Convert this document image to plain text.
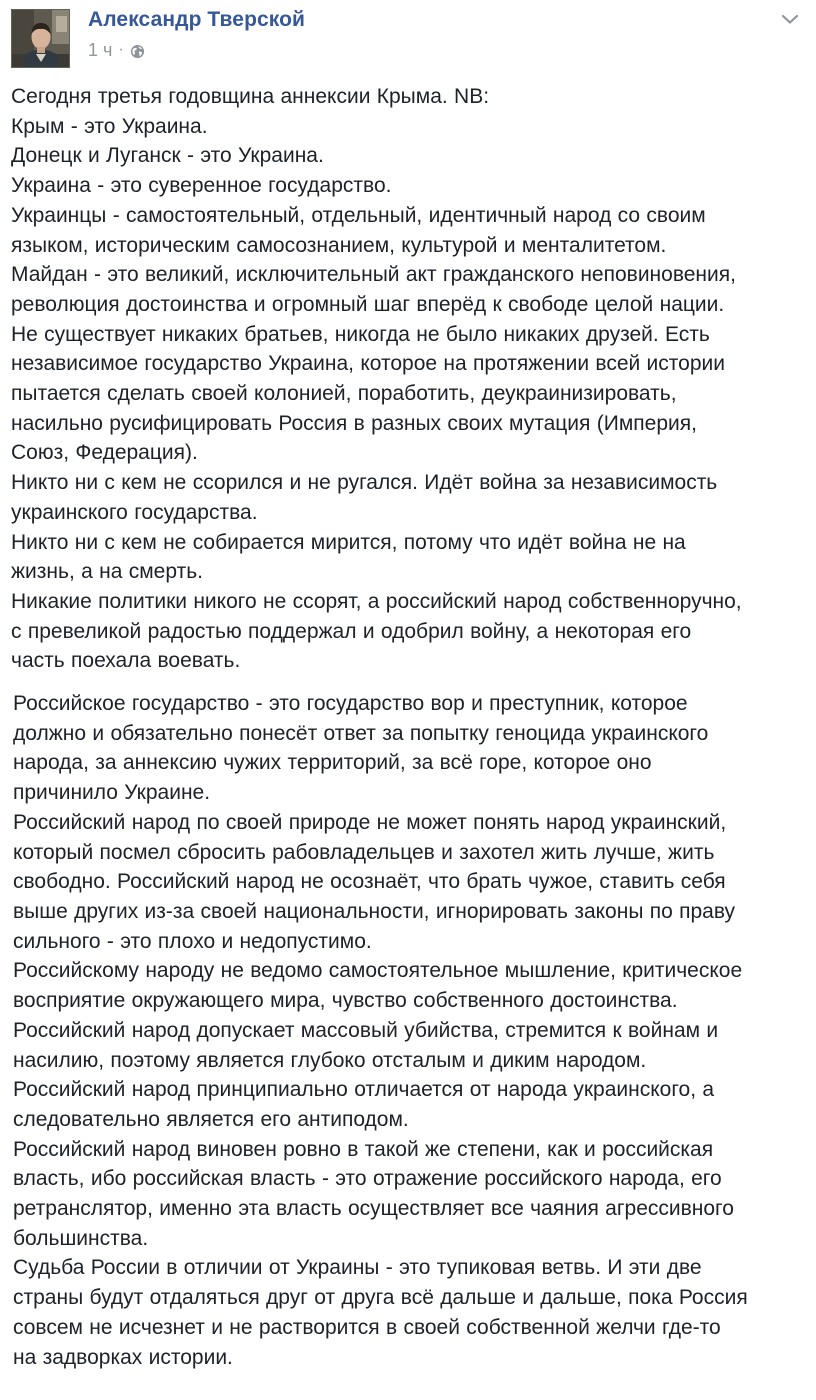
Александр Тверской
1 ч ·

Сегодня третья годовщина аннексии Крыма. NB:
Крым - это Украина.
Донецк и Луганск - это Украина.
Украина - это суверенное государство.
Украинцы - самостоятельный, отдельный, идентичный народ со своим
языком, историческим самосознанием, культурой и менталитетом.
Майдан - это великий, исключительный акт гражданского неповиновения,
революция достоинства и огромный шаг вперёд к свободе целой нации.
Не существует никаких братьев, никогда не было никаких друзей. Есть
независимое государство Украина, которое на протяжении всей истории
пытается сделать своей колонией, поработить, деукраинизировать,
насильно русифицировать Россия в разных своих мутация (Империя,
Союз, Федерация).
Никто ни с кем не ссорился и не ругался. Идёт война за независимость
украинского государства.
Никто ни с кем не собирается мирится, потому что идёт война не на
жизнь, а на смерть.
Никакие политики никого не ссорят, а российский народ собственноручно,
с превеликой радостью поддержал и одобрил войну, а некоторая его
часть поехала воевать.

Российское государство - это государство вор и преступник, которое
должно и обязательно понесёт ответ за попытку геноцида украинского
народа, за аннексию чужих территорий, за всё горе, которое оно
причинило Украине.
Российский народ по своей природе не может понять народ украинский,
который посмел сбросить рабовладельцев и захотел жить лучше, жить
свободно. Российский народ не осознаёт, что брать чужое, ставить себя
выше других из-за своей национальности, игнорировать законы по праву
сильного - это плохо и недопустимо.
Российскому народу не ведомо самостоятельное мышление, критическое
восприятие окружающего мира, чувство собственного достоинства.
Российский народ допускает массовый убийства, стремится к войнам и
насилию, поэтому является глубоко отсталым и диким народом.
Российский народ принципиально отличается от народа украинского, а
следовательно является его антиподом.
Российский народ виновен ровно в такой же степени, как и российская
власть, ибо российская власть - это отражение российского народа, его
ретранслятор, именно эта власть осуществляет все чаяния агрессивного
большинства.
Судьба России в отличии от Украины - это тупиковая ветвь. И эти две
страны будут отдаляться друг от друга всё дальше и дальше, пока Россия
совсем не исчезнет и не растворится в своей собственной желчи где-то
на задворках истории.
